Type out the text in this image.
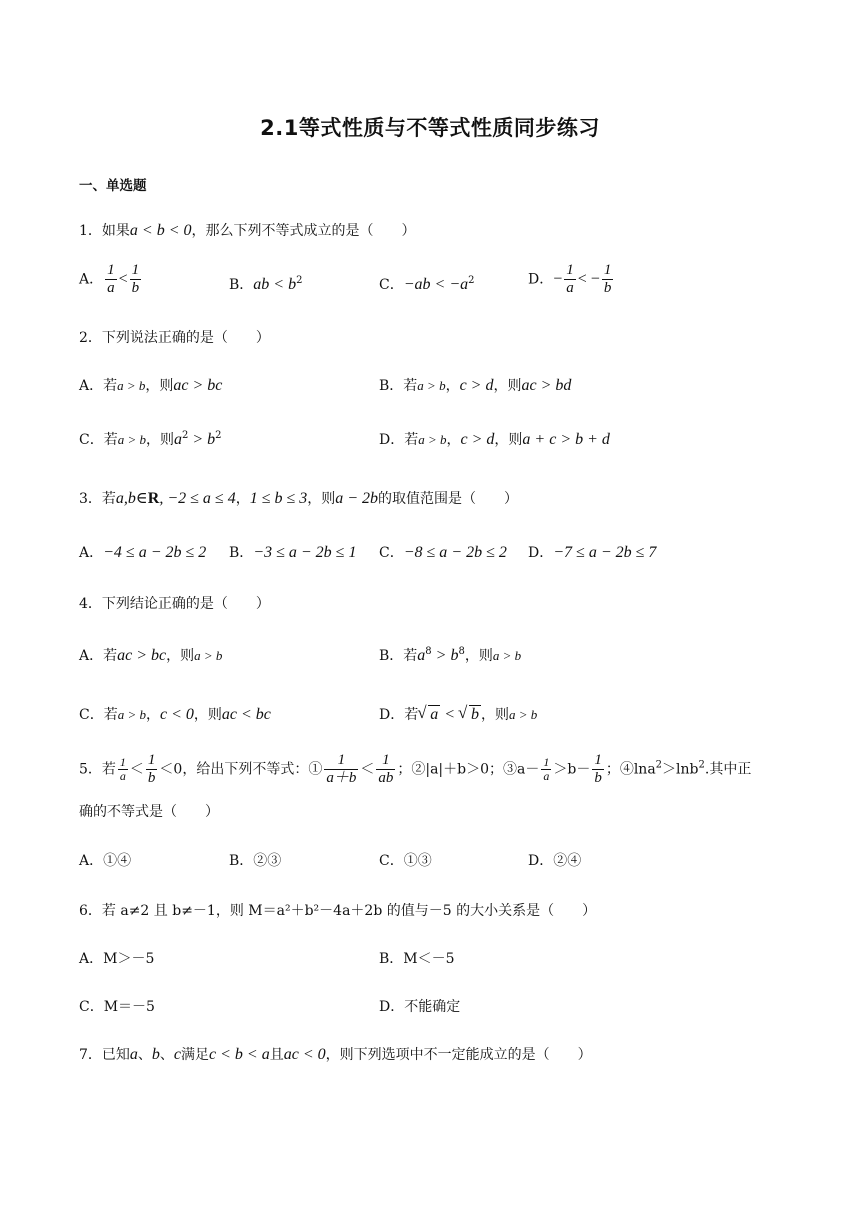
2.1等式性质与不等式性质同步练习
一、单选题
1．如果a < b < 0，那么下列不等式成立的是（　　）
A． $\frac{1}{a} < \frac{1}{b}$	B．ab < $b^2$	C．$-ab < -a^2$	D．− $\frac{1}{a}$ < − $\frac{1}{b}$
2．下列说法正确的是（　　）
A．若a > b，则ac > bc	B．若a > b，c > d，则ac > bd
C．若a > b，则$a^2 > b^2$	D．若a > b，c > d，则a + c > b + d
3．若a,b∈R, −2 ≤ a ≤ 4，1 ≤ b ≤ 3，则a − 2b的取值范围是（　　）
A．−4 ≤ a − 2b ≤ 2 B．−3 ≤ a − 2b ≤ 1 C．−8 ≤ a − 2b ≤ 2 D．−7 ≤ a − 2b ≤ 7
4．下列结论正确的是（　　）
A．若ac > bc，则a > b	B．若$a^8 > b^8$，则a > b
C．若a > b，c < 0，则ac < bc	D．若√ a < √ b ，则a > b
5．若 $\frac{1}{a} < \frac{1}{b} <0$，给出下列不等式：① $\frac{1}{a+b} < \frac{1}{ab}$ ；②|a|＋b＞0；③a－ $\frac{1}{a} >b- \frac{1}{b}$ ；④lna$^2$＞lnb$^2$.其中正
确的不等式是（　　）
A．①④	B．②③	C．①③	D．②④
6．若 a≠2 且 b≠－1，则 M＝a²＋b²－4a＋2b 的值与－5 的大小关系是（　　）
A．M＞－5	B．M＜－5
C．M＝－5	D．不能确定
7．已知a、b、c满足c < b < a且ac < 0，则下列选项中不一定能成立的是（　　）
